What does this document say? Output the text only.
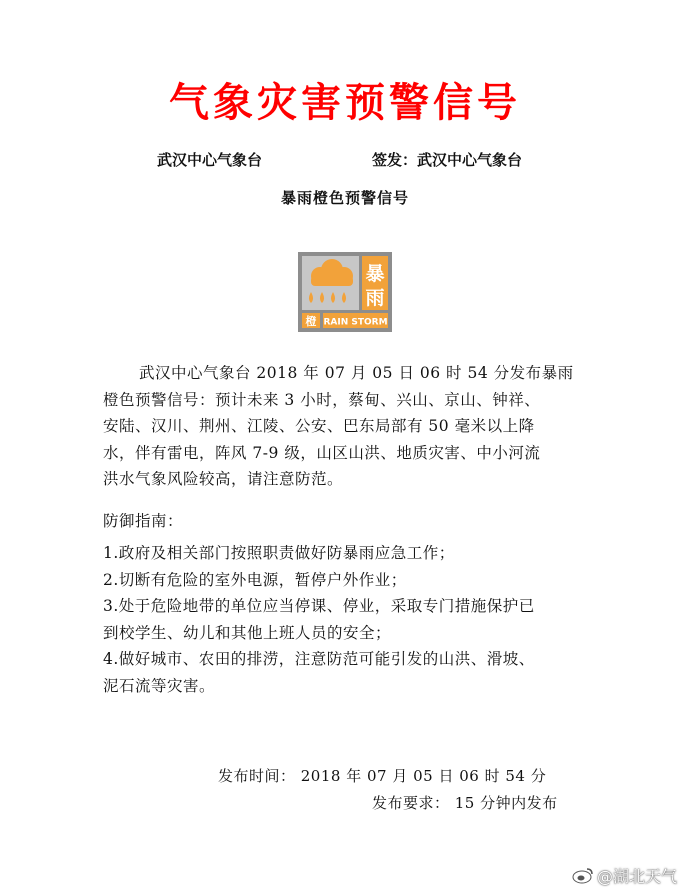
气象灾害预警信号
武汉中心气象台	签发：武汉中心气象台
暴雨橙色预警信号
暴
雨
橙 RAIN STORM
武汉中心气象台 2018 年 07 月 05 日 06 时 54 分发布暴雨
橙色预警信号：预计未来 3 小时，蔡甸、兴山、京山、钟祥、
安陆、汉川、荆州、江陵、公安、巴东局部有 50 毫米以上降
水，伴有雷电，阵风 7-9 级，山区山洪、地质灾害、中小河流
洪水气象风险较高，请注意防范。
防御指南：
1.政府及相关部门按照职责做好防暴雨应急工作；
2.切断有危险的室外电源，暂停户外作业；
3.处于危险地带的单位应当停课、停业，采取专门措施保护已
到校学生、幼儿和其他上班人员的安全；
4.做好城市、农田的排涝，注意防范可能引发的山洪、滑坡、
泥石流等灾害。
发布时间： 2018 年 07 月 05 日 06 时 54 分
发布要求： 15 分钟内发布
@湖北天气
